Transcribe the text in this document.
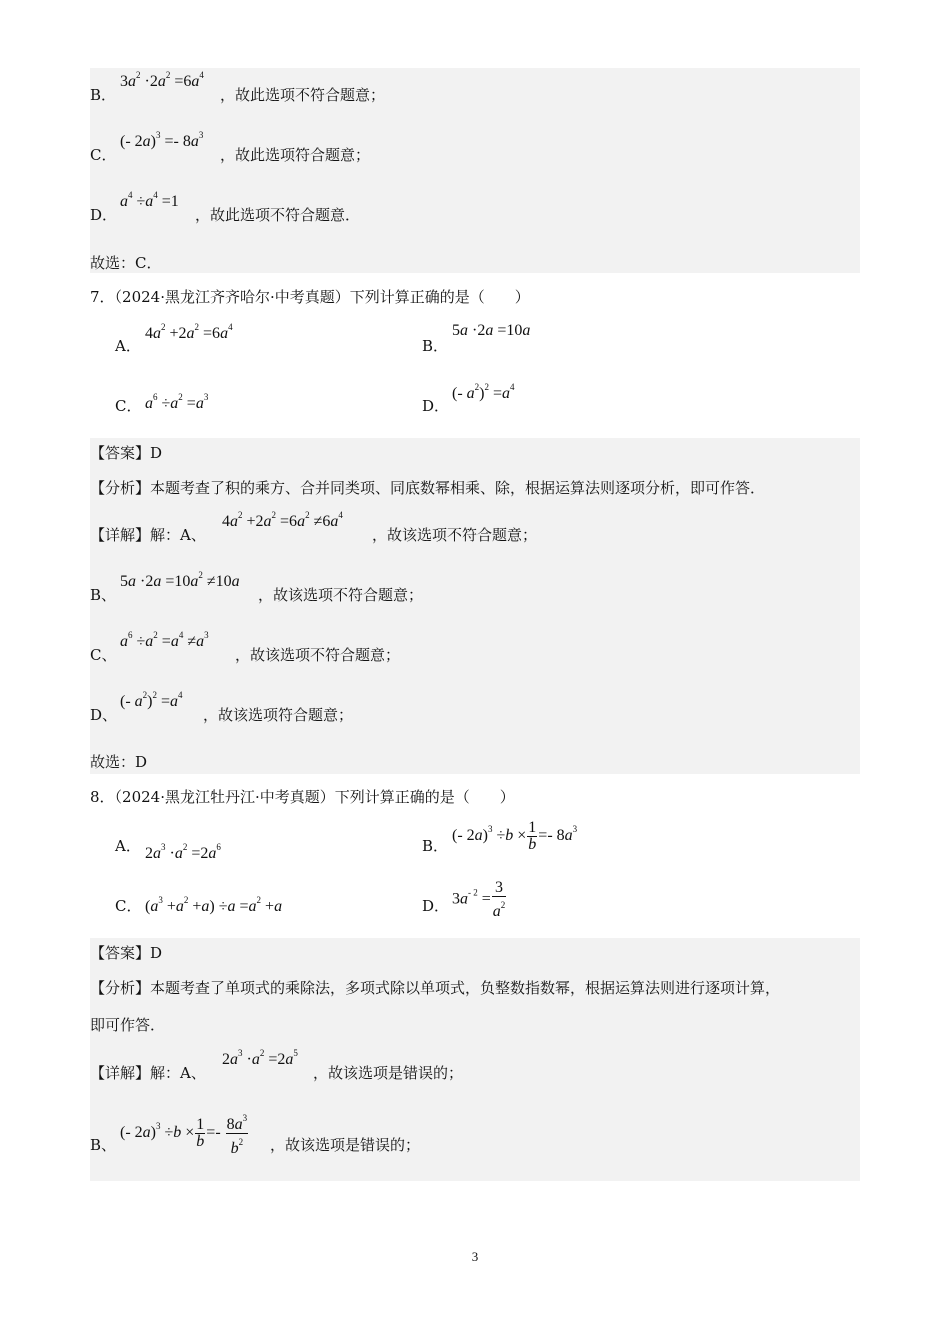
B．
$3a^2 \cdot 2a^2 =6a^4$
，故此选项不符合题意；
C．
(- $2a)^3 =- 8a^3$
，故此选项符合题意；
D．
$a^4 \div a^4 =1$
，故此选项不符合题意．
故选：C．
7．（2024·黑龙江齐齐哈尔·中考真题）下列计算正确的是（　　）
A．
$4a^2 +2a^2 =6a^4$
B．
5a ·2a =10a
C． $a^6 \div a^2 =a^3$	D．
(- $a^2)^2 =a^4$
【答案】D
【分析】本题考查了积的乘方、合并同类项、同底数幂相乘、除，根据运算法则逐项分析，即可作答．
【详解】解：A、
$4a^2 +2a^2 =6a^2 \ne 6a^4$
，故该选项不符合题意；
B、
$5a \cdot 2a =10a^2 \ne 10a$
，故该选项不符合题意；
C、
$a^6 \div a^2 =a^4 \ne a^3$
，故该选项不符合题意；
D、
(- $a^2)^2 =a^4$
，故该选项符合题意；
故选：D
8．（2024·黑龙江牡丹江·中考真题）下列计算正确的是（　　）
A． $2a^3 \cdot a^2 =2a^6$	B．
(- $2a)^3 \div b \times \frac{1}{b} =- 8a^3$
C． $(a^3 +a^2 +a) \div a =a^2 +a$	D． $3a^{- 2} = \frac{3}{a^2}$
【答案】D
【分析】本题考查了单项式的乘除法，多项式除以单项式，负整数指数幂，根据运算法则进行逐项计算，
即可作答．
【详解】解：A、
$2a^3 \cdot a^2 =2a^5$
，故该选项是错误的；
B、
(- $2a)^3 \div b \times \frac{1}{b} =- \frac{8a^3}{b^2}$ ，故该选项是错误的；
3
